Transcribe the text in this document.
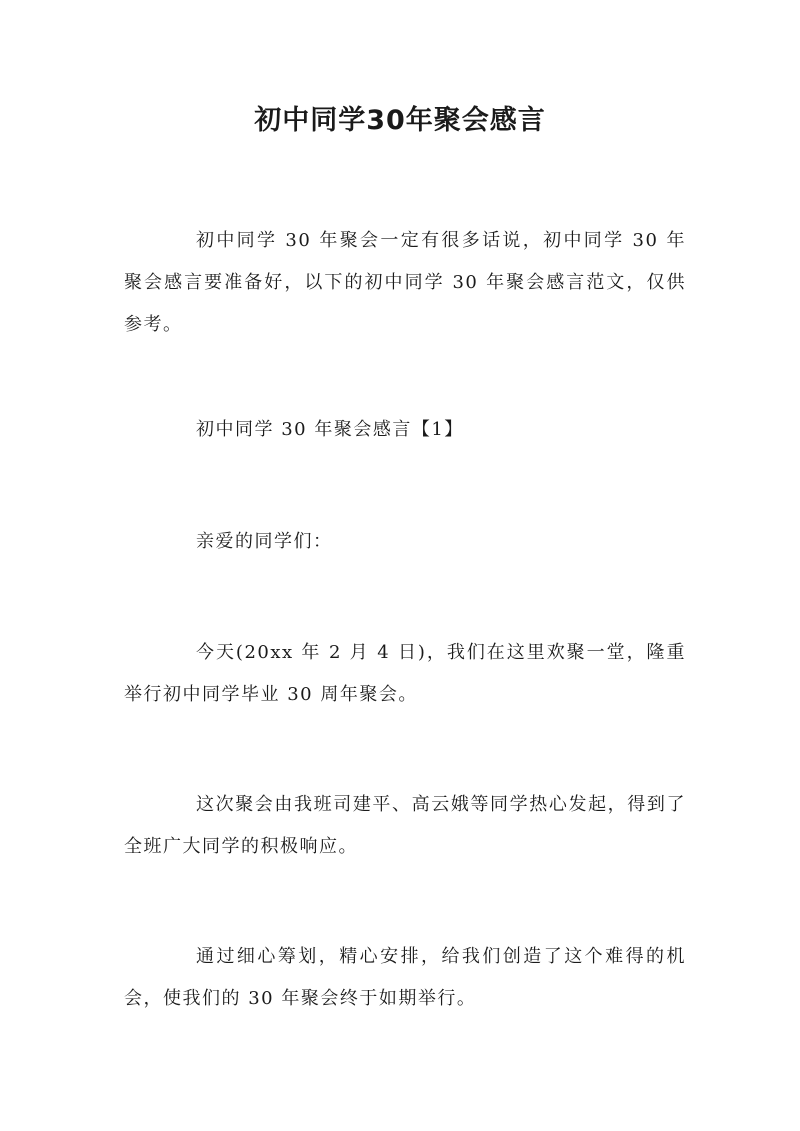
初中同学30年聚会感言

初中同学 30 年聚会一定有很多话说，初中同学 30 年聚会感言要准备好，以下的初中同学 30 年聚会感言范文，仅供参考。

初中同学 30 年聚会感言【1】

亲爱的同学们：

今天(20xx 年 2 月 4 日)，我们在这里欢聚一堂，隆重举行初中同学毕业 30 周年聚会。

这次聚会由我班司建平、高云娥等同学热心发起，得到了全班广大同学的积极响应。

通过细心筹划，精心安排，给我们创造了这个难得的机会，使我们的 30 年聚会终于如期举行。
